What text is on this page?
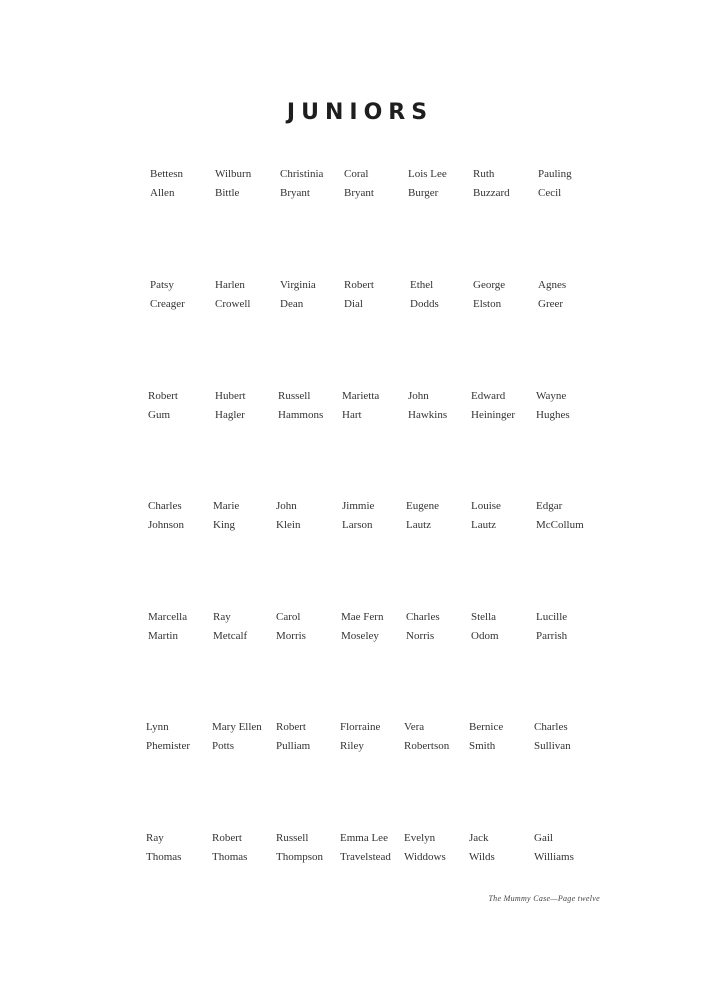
JUNIORS
Bettesn
Allen
Wilburn
Bittle
Christinia
Bryant
Coral
Bryant
Lois Lee
Burger
Ruth
Buzzard
Pauling
Cecil
Patsy
Creager
Harlen
Crowell
Virginia
Dean
Robert
Dial
Ethel
Dodds
George
Elston
Agnes
Greer
Robert
Gum
Hubert
Hagler
Russell
Hammons
Marietta
Hart
John
Hawkins
Edward
Heininger
Wayne
Hughes
Charles
Johnson
Marie
King
John
Klein
Jimmie
Larson
Eugene
Lautz
Louise
Lautz
Edgar
McCollum
Marcella
Martin
Ray
Metcalf
Carol
Morris
Mae Fern
Moseley
Charles
Norris
Stella
Odom
Lucille
Parrish
Lynn
Phemister
Mary Ellen
Potts
Robert
Pulliam
Florraine
Riley
Vera
Robertson
Bernice
Smith
Charles
Sullivan
Ray
Thomas
Robert
Thomas
Russell
Thompson
Emma Lee
Travelstead
Evelyn
Widdows
Jack
Wilds
Gail
Williams
The Mummy Case—Page twelve
